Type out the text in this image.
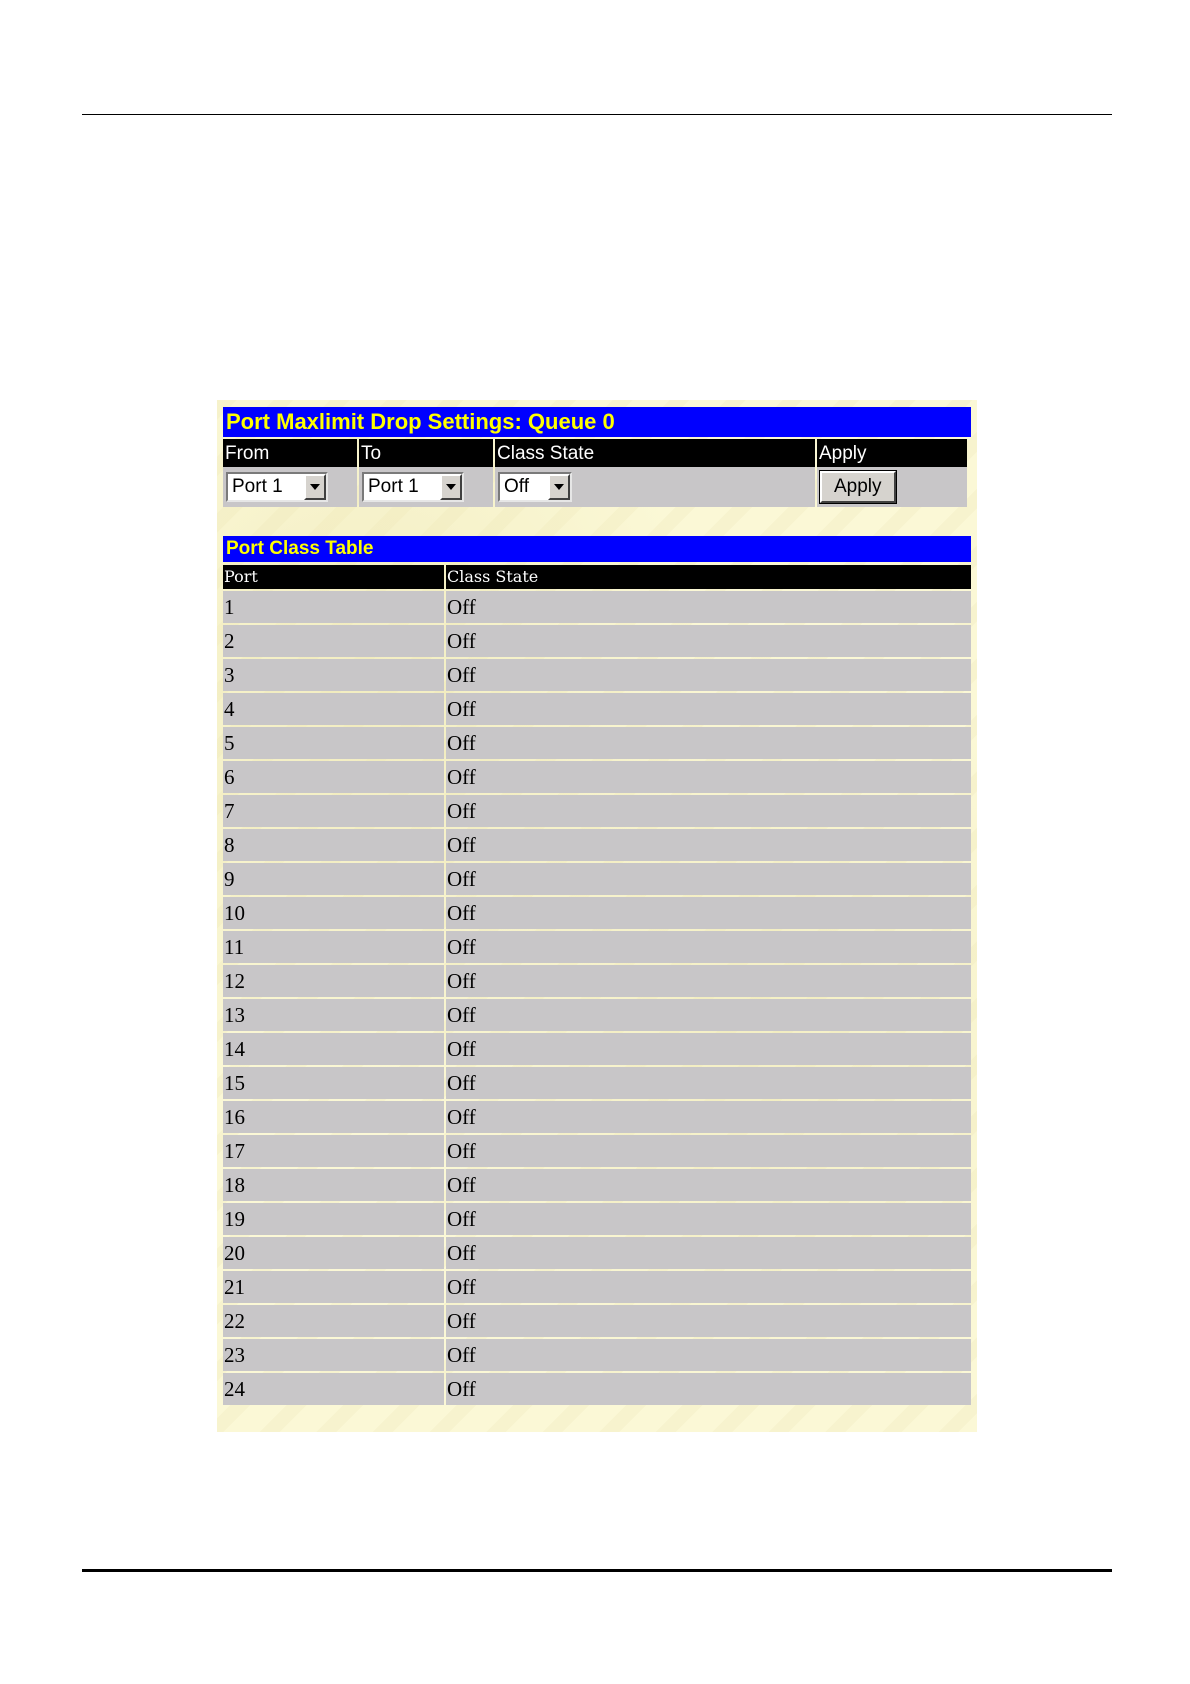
Port Maxlimit Drop Settings: Queue 0
From	To	Class State	Apply

Port 1	Port 1	Off	Apply
Port Class Table
Port	Class State
1	Off
2	Off
3	Off
4	Off
5	Off
6	Off
7	Off
8	Off
9	Off
10	Off
11	Off
12	Off
13	Off
14	Off
15	Off
16	Off
17	Off
18	Off
19	Off
20	Off
21	Off
22	Off
23	Off
24	Off
